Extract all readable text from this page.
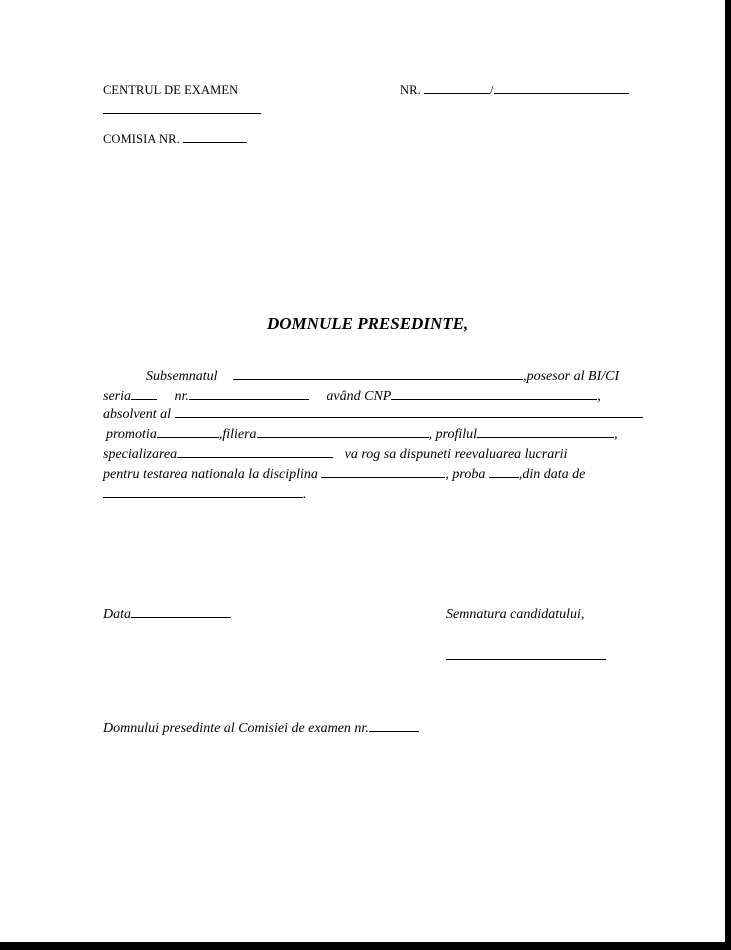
CENTRUL DE EXAMEN	NR.	/
COMISIA NR.
DOMNULE PRESEDINTE,
Subsemnatul	,posesor al BI/CI
seria	nr.	având CNP	,
absolvent al
promotia	,filiera	, profilul	,
specializarea	va rog sa dispuneti reevaluarea lucrarii
pentru testarea nationala la disciplina	, proba ,din data de
.
Data	Semnatura candidatului,
Domnului presedinte al Comisiei de examen nr.
